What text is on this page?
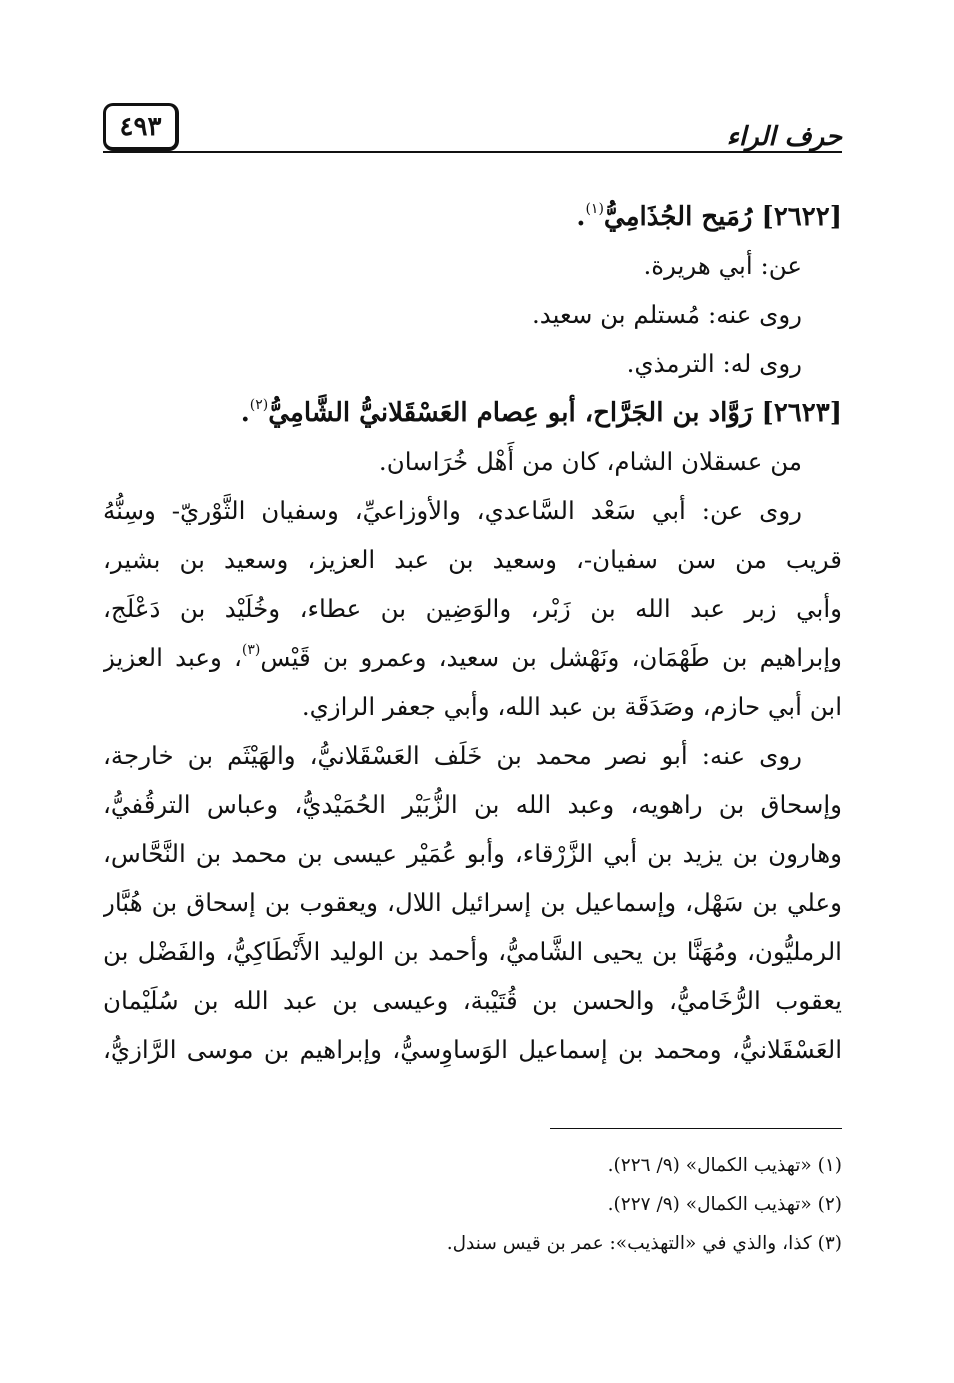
٤٩٣	حرف الراء
[٢٦٢٢] رُمَيح الجُذَامِيُّ$^{(١)}$.
عن: أبي هريرة.
روى عنه: مُستلم بن سعيد.
روى له: الترمذي.
[٢٦٢٣] رَوَّاد بن الجَرَّاح، أبو عِصام العَسْقَلانيُّ الشَّامِيُّ$^{(٢)}$.
من عسقلان الشام، كان من أَهْل خُرَاسان.
روى عن: أبي سَعْد السَّاعدي، والأوزاعيِّ، وسفيان الثَّوْريّ- وسِنُّهُ
قريب من سن سفيان-، وسعيد بن عبد العزيز، وسعيد بن بشير،
وأبي زبر عبد الله بن زَبْر، والوَضِين بن عطاء، وخُلَيْد بن دَعْلَج،
وإبراهيم بن طَهْمَان، ونَهْشل بن سعيد، وعمرو بن قَيْس$^{(٣)}$، وعبد العزيز
ابن أبي حازم، وصَدَقَة بن عبد الله، وأبي جعفر الرازي.
روى عنه: أبو نصر محمد بن خَلَف العَسْقَلانيُّ، والهَيْثَم بن خارجة،
وإسحاق بن راهويه، وعبد الله بن الزُّبَيْر الحُمَيْديُّ، وعباس الترقُفيُّ،
وهارون بن يزيد بن أبي الزَّرْقاء، وأبو عُمَيْر عيسى بن محمد بن النَّحَّاس،
وعلي بن سَهْل، وإسماعيل بن إسرائيل اللال، ويعقوب بن إسحاق بن هُبَّار
الرمليُّون، ومُهَنَّا بن يحيى الشَّاميُّ، وأحمد بن الوليد الأَنْطَاكِيُّ، والفَضْل بن
يعقوب الرُّخَاميُّ، والحسن بن قُتَيْبة، وعيسى بن عبد الله بن سُلَيْمان
العَسْقَلانيُّ، ومحمد بن إسماعيل الوَساوِسيُّ، وإبراهيم بن موسى الرَّازيُّ،
(١) «تهذيب الكمال» (٩/ ٢٢٦).
(٢) «تهذيب الكمال» (٩/ ٢٢٧).
(٣) كذا، والذي في «التهذيب»: عمر بن قيس سندل.
